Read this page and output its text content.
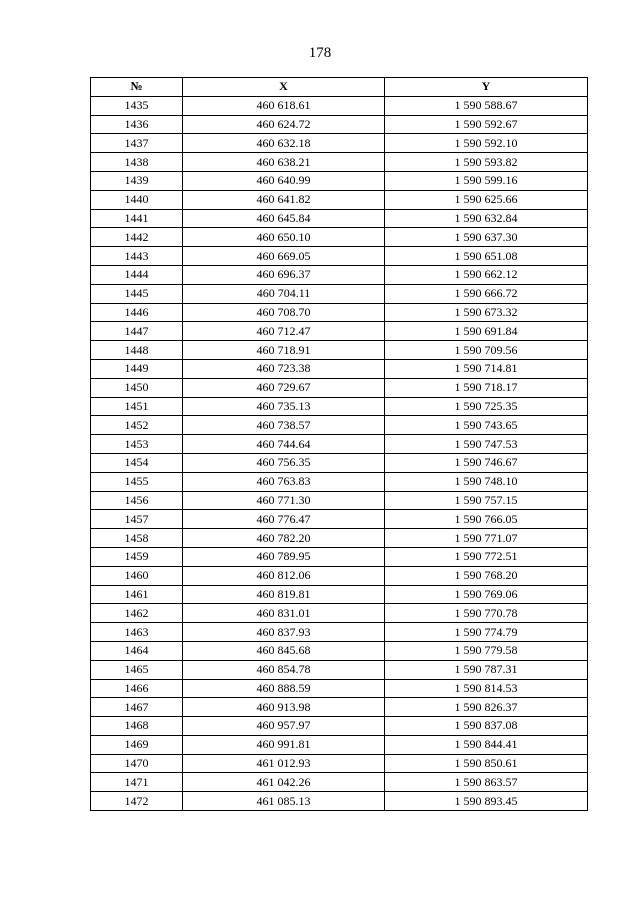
178
№	X	Y
1435	460 618.61	1 590 588.67
1436	460 624.72	1 590 592.67
1437	460 632.18	1 590 592.10
1438	460 638.21	1 590 593.82
1439	460 640.99	1 590 599.16
1440	460 641.82	1 590 625.66
1441	460 645.84	1 590 632.84
1442	460 650.10	1 590 637.30
1443	460 669.05	1 590 651.08
1444	460 696.37	1 590 662.12
1445	460 704.11	1 590 666.72
1446	460 708.70	1 590 673.32
1447	460 712.47	1 590 691.84
1448	460 718.91	1 590 709.56
1449	460 723.38	1 590 714.81
1450	460 729.67	1 590 718.17
1451	460 735.13	1 590 725.35
1452	460 738.57	1 590 743.65
1453	460 744.64	1 590 747.53
1454	460 756.35	1 590 746.67
1455	460 763.83	1 590 748.10
1456	460 771.30	1 590 757.15
1457	460 776.47	1 590 766.05
1458	460 782.20	1 590 771.07
1459	460 789.95	1 590 772.51
1460	460 812.06	1 590 768.20
1461	460 819.81	1 590 769.06
1462	460 831.01	1 590 770.78
1463	460 837.93	1 590 774.79
1464	460 845.68	1 590 779.58
1465	460 854.78	1 590 787.31
1466	460 888.59	1 590 814.53
1467	460 913.98	1 590 826.37
1468	460 957.97	1 590 837.08
1469	460 991.81	1 590 844.41
1470	461 012.93	1 590 850.61
1471	461 042.26	1 590 863.57
1472	461 085.13	1 590 893.45
